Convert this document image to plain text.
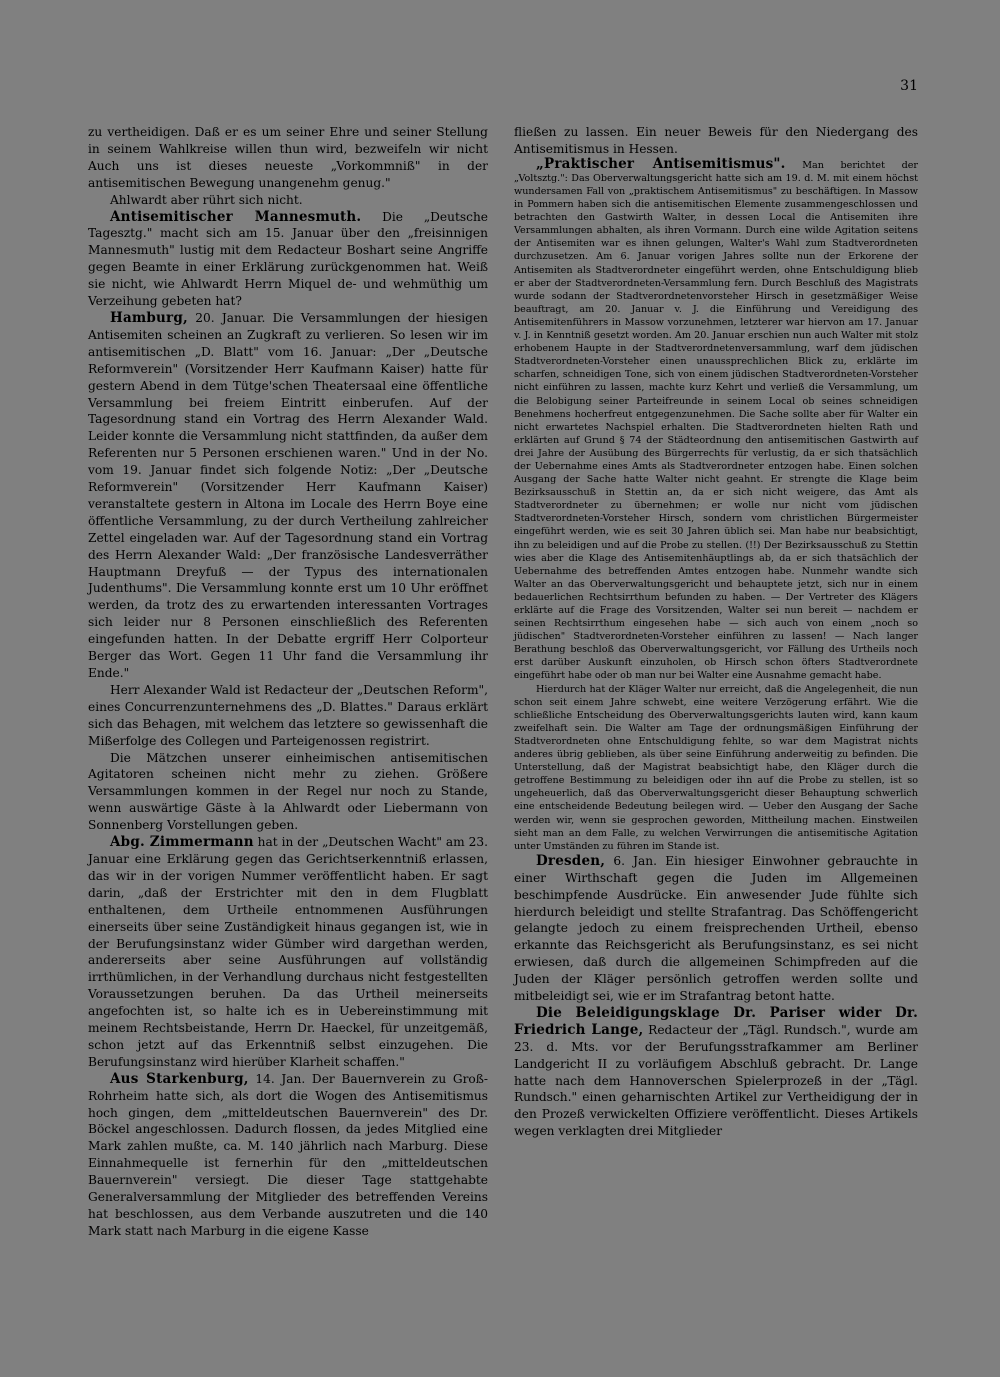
31

zu vertheidigen. Daß er es um seiner Ehre und seiner Stellung in seinem Wahlkreise willen thun wird, bezweifeln wir nicht Auch uns ist dieses neueste „Vorkommniß" in der antisemitischen Bewegung unangenehm genug."

Ahlwardt aber rührt sich nicht.

Antisemitischer Mannesmuth. Die „Deutsche Tagesztg." macht sich am 15. Januar über den „freisinnigen Mannesmuth" lustig mit dem Redacteur Boshart seine Angriffe gegen Beamte in einer Erklärung zurückgenommen hat. Weiß sie nicht, wie Ahlwardt Herrn Miquel de- und wehmüthig um Verzeihung gebeten hat?

Hamburg, 20. Januar. Die Versammlungen der hiesigen Antisemiten scheinen an Zugkraft zu verlieren. So lesen wir im antisemitischen „D. Blatt" vom 16. Januar: „Der „Deutsche Reformverein" (Vorsitzender Herr Kaufmann Kaiser) hatte für gestern Abend in dem Tütge'schen Theatersaal eine öffentliche Versammlung bei freiem Eintritt einberufen. Auf der Tagesordnung stand ein Vortrag des Herrn Alexander Wald. Leider konnte die Versammlung nicht stattfinden, da außer dem Referenten nur 5 Personen erschienen waren." Und in der No. vom 19. Januar findet sich folgende Notiz: „Der „Deutsche Reformverein" (Vorsitzender Herr Kaufmann Kaiser) veranstaltete gestern in Altona im Locale des Herrn Boye eine öffentliche Versammlung, zu der durch Vertheilung zahlreicher Zettel eingeladen war. Auf der Tagesordnung stand ein Vortrag des Herrn Alexander Wald: „Der französische Landesverräther Hauptmann Dreyfuß — der Typus des internationalen Judenthums". Die Versammlung konnte erst um 10 Uhr eröffnet werden, da trotz des zu erwartenden interessanten Vortrages sich leider nur 8 Personen einschließlich des Referenten eingefunden hatten. In der Debatte ergriff Herr Colporteur Berger das Wort. Gegen 11 Uhr fand die Versammlung ihr Ende."

Herr Alexander Wald ist Redacteur der „Deutschen Reform", eines Concurrenzunternehmens des „D. Blattes." Daraus erklärt sich das Behagen, mit welchem das letztere so gewissenhaft die Mißerfolge des Collegen und Parteigenossen registrirt.

Die Mätzchen unserer einheimischen antisemitischen Agitatoren scheinen nicht mehr zu ziehen. Größere Versammlungen kommen in der Regel nur noch zu Stande, wenn auswärtige Gäste à la Ahlwardt oder Liebermann von Sonnenberg Vorstellungen geben.

Abg. Zimmermann hat in der „Deutschen Wacht" am 23. Januar eine Erklärung gegen das Gerichtserkenntniß erlassen, das wir in der vorigen Nummer veröffentlicht haben. Er sagt darin, „daß der Erstrichter mit den in dem Flugblatt enthaltenen, dem Urtheile entnommenen Ausführungen einerseits über seine Zuständigkeit hinaus gegangen ist, wie in der Berufungsinstanz wider Gümber wird dargethan werden, andererseits aber seine Ausführungen auf vollständig irrthümlichen, in der Verhandlung durchaus nicht festgestellten Voraussetzungen beruhen. Da das Urtheil meinerseits angefochten ist, so halte ich es in Uebereinstimmung mit meinem Rechtsbeistande, Herrn Dr. Haeckel, für unzeitgemäß, schon jetzt auf das Erkenntniß selbst einzugehen. Die Berufungsinstanz wird hierüber Klarheit schaffen."

Aus Starkenburg, 14. Jan. Der Bauernverein zu Groß-Rohrheim hatte sich, als dort die Wogen des Antisemitismus hoch gingen, dem „mitteldeutschen Bauernverein" des Dr. Böckel angeschlossen. Dadurch flossen, da jedes Mitglied eine Mark zahlen mußte, ca. M. 140 jährlich nach Marburg. Diese Einnahmequelle ist fernerhin für den „mitteldeutschen Bauernverein" versiegt. Die dieser Tage stattgehabte Generalversammlung der Mitglieder des betreffenden Vereins hat beschlossen, aus dem Verbande auszutreten und die 140 Mark statt nach Marburg in die eigene Kasse

fließen zu lassen. Ein neuer Beweis für den Niedergang des Antisemitismus in Hessen.

„Praktischer Antisemitismus". Man berichtet der „Voltsztg.": Das Oberverwaltungsgericht hatte sich am 19. d. M. mit einem höchst wundersamen Fall von „praktischem Antisemitismus" zu beschäftigen. In Massow in Pommern haben sich die antisemitischen Elemente zusammengeschlossen und betrachten den Gastwirth Walter, in dessen Local die Antisemiten ihre Versammlungen abhalten, als ihren Vormann. Durch eine wilde Agitation seitens der Antisemiten war es ihnen gelungen, Walter's Wahl zum Stadtverordneten durchzusetzen. Am 6. Januar vorigen Jahres sollte nun der Erkorene der Antisemiten als Stadtverordneter eingeführt werden, ohne Entschuldigung blieb er aber der Stadtverordneten-Versammlung fern. Durch Beschluß des Magistrats wurde sodann der Stadtverordnetenvorsteher Hirsch in gesetzmäßiger Weise beauftragt, am 20. Januar v. J. die Einführung und Vereidigung des Antisemitenführers in Massow vorzunehmen, letzterer war hiervon am 17. Januar v. J. in Kenntniß gesetzt worden. Am 20. Januar erschien nun auch Walter mit stolz erhobenem Haupte in der Stadtverordnetenversammlung, warf dem jüdischen Stadtverordneten-Vorsteher einen unaussprechlichen Blick zu, erklärte im scharfen, schneidigen Tone, sich von einem jüdischen Stadtverordneten-Vorsteher nicht einführen zu lassen, machte kurz Kehrt und verließ die Versammlung, um die Belobigung seiner Parteifreunde in seinem Local ob seines schneidigen Benehmens hocherfreut entgegenzunehmen. Die Sache sollte aber für Walter ein nicht erwartetes Nachspiel erhalten. Die Stadtverordneten hielten Rath und erklärten auf Grund § 74 der Städteordnung den antisemitischen Gastwirth auf drei Jahre der Ausübung des Bürgerrechts für verlustig, da er sich thatsächlich der Uebernahme eines Amts als Stadtverordneter entzogen habe. Einen solchen Ausgang der Sache hatte Walter nicht geahnt. Er strengte die Klage beim Bezirksausschuß in Stettin an, da er sich nicht weigere, das Amt als Stadtverordneter zu übernehmen; er wolle nur nicht vom jüdischen Stadtverordneten-Vorsteher Hirsch, sondern vom christlichen Bürgermeister eingeführt werden, wie es seit 30 Jahren üblich sei. Man habe nur beabsichtigt, ihn zu beleidigen und auf die Probe zu stellen. (!!) Der Bezirksausschuß zu Stettin wies aber die Klage des Antisemitenhäuptlings ab, da er sich thatsächlich der Uebernahme des betreffenden Amtes entzogen habe. Nunmehr wandte sich Walter an das Oberverwaltungsgericht und behauptete jetzt, sich nur in einem bedauerlichen Rechtsirrthum befunden zu haben. — Der Vertreter des Klägers erklärte auf die Frage des Vorsitzenden, Walter sei nun bereit — nachdem er seinen Rechtsirrthum eingesehen habe — sich auch von einem „noch so jüdischen" Stadtverordneten-Vorsteher einführen zu lassen! — Nach langer Berathung beschloß das Oberverwaltungsgericht, vor Fällung des Urtheils noch erst darüber Auskunft einzuholen, ob Hirsch schon öfters Stadtverordnete eingeführt habe oder ob man nur bei Walter eine Ausnahme gemacht habe.

Hierdurch hat der Kläger Walter nur erreicht, daß die Angelegenheit, die nun schon seit einem Jahre schwebt, eine weitere Verzögerung erfährt. Wie die schließliche Entscheidung des Oberverwaltungsgerichts lauten wird, kann kaum zweifelhaft sein. Die Walter am Tage der ordnungsmäßigen Einführung der Stadtverordneten ohne Entschuldigung fehlte, so war dem Magistrat nichts anderes übrig geblieben, als über seine Einführung anderweitig zu befinden. Die Unterstellung, daß der Magistrat beabsichtigt habe, den Kläger durch die getroffene Bestimmung zu beleidigen oder ihn auf die Probe zu stellen, ist so ungeheuerlich, daß das Oberverwaltungsgericht dieser Behauptung schwerlich eine entscheidende Bedeutung beilegen wird. — Ueber den Ausgang der Sache werden wir, wenn sie gesprochen geworden, Mittheilung machen. Einstweilen sieht man an dem Falle, zu welchen Verwirrungen die antisemitische Agitation unter Umständen zu führen im Stande ist.

Dresden, 6. Jan. Ein hiesiger Einwohner gebrauchte in einer Wirthschaft gegen die Juden im Allgemeinen beschimpfende Ausdrücke. Ein anwesender Jude fühlte sich hierdurch beleidigt und stellte Strafantrag. Das Schöffengericht gelangte jedoch zu einem freisprechenden Urtheil, ebenso erkannte das Reichsgericht als Berufungsinstanz, es sei nicht erwiesen, daß durch die allgemeinen Schimpfreden auf die Juden der Kläger persönlich getroffen werden sollte und mitbeleidigt sei, wie er im Strafantrag betont hatte.

Die Beleidigungsklage Dr. Pariser wider Dr. Friedrich Lange, Redacteur der „Tägl. Rundsch.", wurde am 23. d. Mts. vor der Berufungsstrafkammer am Berliner Landgericht II zu vorläufigem Abschluß gebracht. Dr. Lange hatte nach dem Hannoverschen Spielerprozeß in der „Tägl. Rundsch." einen geharnischten Artikel zur Vertheidigung der in den Prozeß verwickelten Offiziere veröffentlicht. Dieses Artikels wegen verklagten drei Mitglieder
